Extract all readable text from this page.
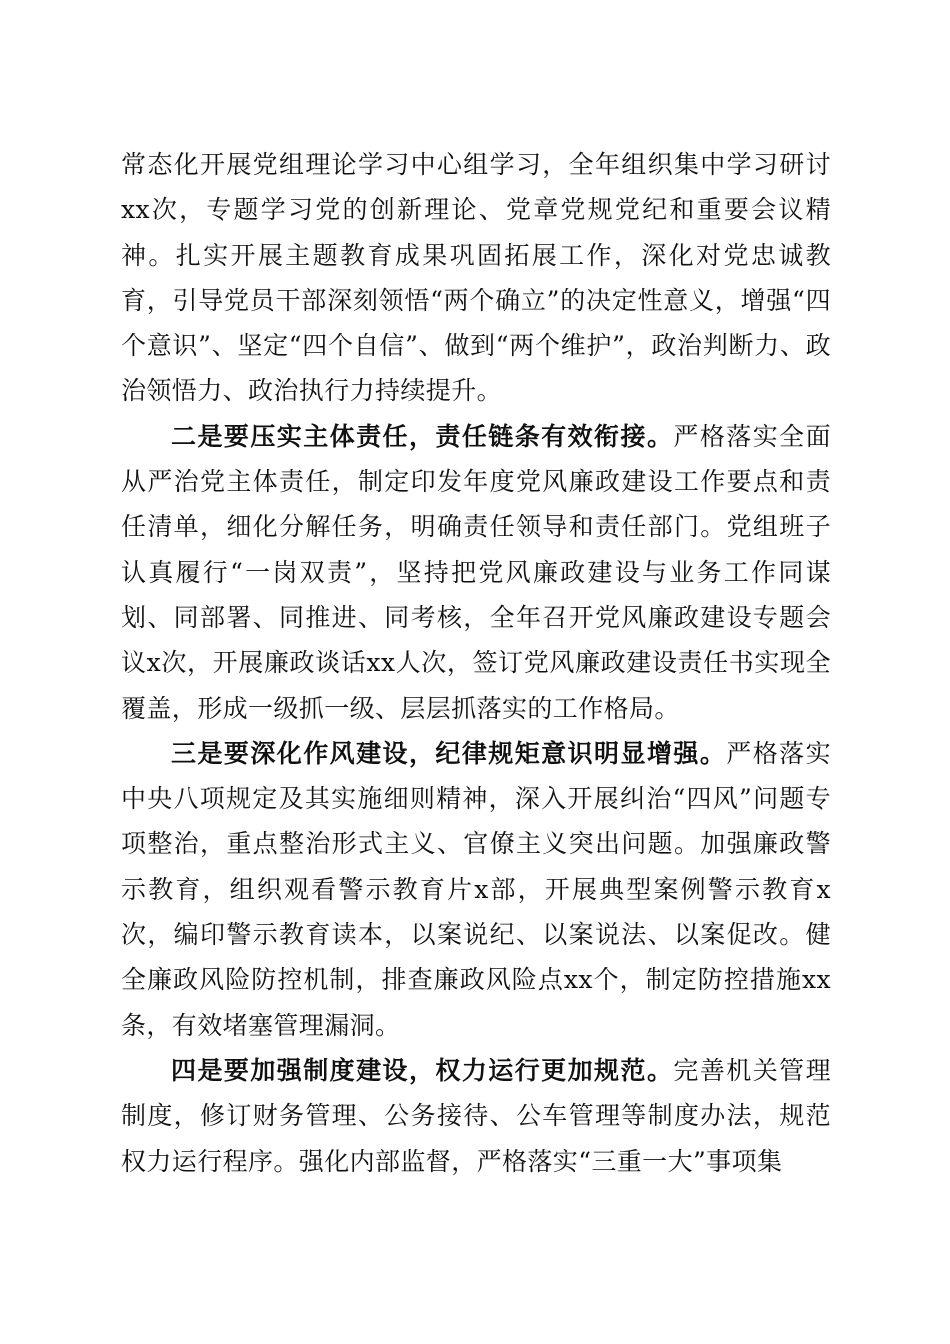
常态化开展党组理论学习中心组学习，全年组织集中学习研讨xx次，专题学习党的创新理论、党章党规党纪和重要会议精神。扎实开展主题教育成果巩固拓展工作，深化对党忠诚教育，引导党员干部深刻领悟“两个确立”的决定性意义，增强“四个意识”、坚定“四个自信”、做到“两个维护”，政治判断力、政治领悟力、政治执行力持续提升。

二是要压实主体责任，责任链条有效衔接。严格落实全面从严治党主体责任，制定印发年度党风廉政建设工作要点和责任清单，细化分解任务，明确责任领导和责任部门。党组班子认真履行“一岗双责”，坚持把党风廉政建设与业务工作同谋划、同部署、同推进、同考核，全年召开党风廉政建设专题会议x次，开展廉政谈话xx人次，签订党风廉政建设责任书实现全覆盖，形成一级抓一级、层层抓落实的工作格局。

三是要深化作风建设，纪律规矩意识明显增强。严格落实中央八项规定及其实施细则精神，深入开展纠治“四风”问题专项整治，重点整治形式主义、官僚主义突出问题。加强廉政警示教育，组织观看警示教育片x部，开展典型案例警示教育x次，编印警示教育读本，以案说纪、以案说法、以案促改。健全廉政风险防控机制，排查廉政风险点xx个，制定防控措施xx条，有效堵塞管理漏洞。

四是要加强制度建设，权力运行更加规范。完善机关管理制度，修订财务管理、公务接待、公车管理等制度办法，规范权力运行程序。强化内部监督，严格落实“三重一大”事项集
